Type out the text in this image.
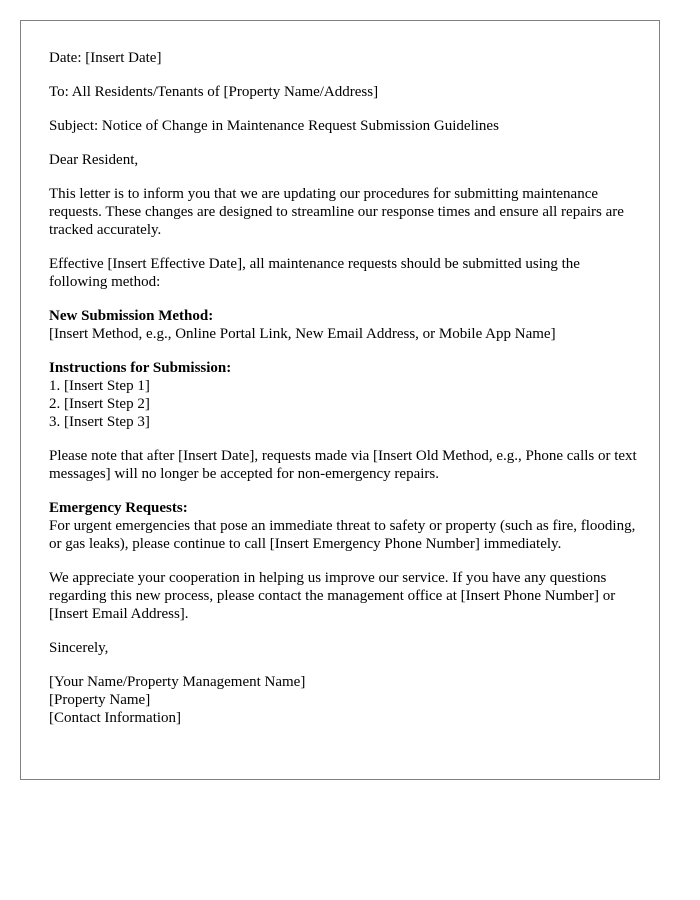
Date: [Insert Date]

To: All Residents/Tenants of [Property Name/Address]

Subject: Notice of Change in Maintenance Request Submission Guidelines

Dear Resident,

This letter is to inform you that we are updating our procedures for submitting maintenance requests. These changes are designed to streamline our response times and ensure all repairs are tracked accurately.

Effective [Insert Effective Date], all maintenance requests should be submitted using the following method:

New Submission Method:
[Insert Method, e.g., Online Portal Link, New Email Address, or Mobile App Name]
Instructions for Submission:
1. [Insert Step 1]
2. [Insert Step 2]
3. [Insert Step 3]

Please note that after [Insert Date], requests made via [Insert Old Method, e.g., Phone calls or text messages] will no longer be accepted for non-emergency repairs.

Emergency Requests:
For urgent emergencies that pose an immediate threat to safety or property (such as fire, flooding, or gas leaks), please continue to call [Insert Emergency Phone Number] immediately.

We appreciate your cooperation in helping us improve our service. If you have any questions regarding this new process, please contact the management office at [Insert Phone Number] or [Insert Email Address].

Sincerely,

[Your Name/Property Management Name]
[Property Name]
[Contact Information]
